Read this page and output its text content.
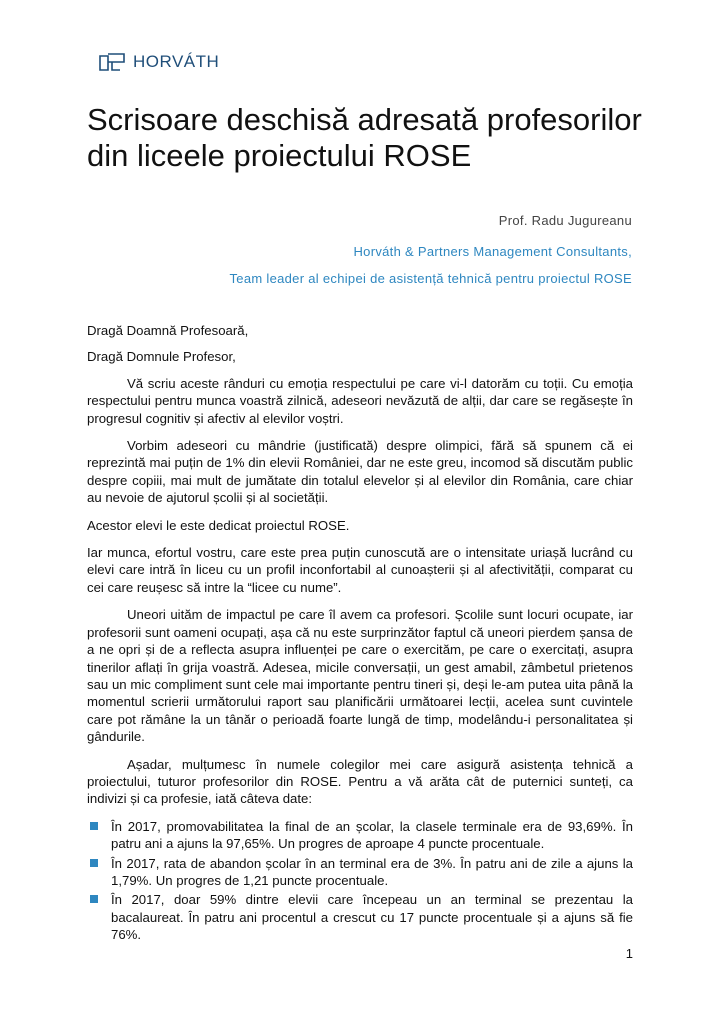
HORVÁTH
Scrisoare deschisă adresată profesorilor din liceele proiectului ROSE
Prof. Radu Jugureanu
Horváth & Partners Management Consultants,
Team leader al echipei de asistență tehnică pentru proiectul ROSE

Dragă Doamnă Profesoară,

Dragă Domnule Profesor,

Vă scriu aceste rânduri cu emoția respectului pe care vi-l datorăm cu toții. Cu emoția respectului pentru munca voastră zilnică, adeseori nevăzută de alții, dar care se regăsește în progresul cognitiv și afectiv al elevilor voștri.

Vorbim adeseori cu mândrie (justificată) despre olimpici, fără să spunem că ei reprezintă mai puțin de 1% din elevii României, dar ne este greu, incomod să discutăm public despre copiii, mai mult de jumătate din totalul elevelor și al elevilor din România, care chiar au nevoie de ajutorul școlii și al societății.

Acestor elevi le este dedicat proiectul ROSE.

Iar munca, efortul vostru, care este prea puțin cunoscută are o intensitate uriașă lucrând cu elevi care intră în liceu cu un profil inconfortabil al cunoașterii și al afectivității, comparat cu cei care reușesc să intre la “licee cu nume”.

Uneori uităm de impactul pe care îl avem ca profesori. Școlile sunt locuri ocupate, iar profesorii sunt oameni ocupați, așa că nu este surprinzător faptul că uneori pierdem șansa de a ne opri și de a reflecta asupra influenței pe care o exercităm, pe care o exercitați, asupra tinerilor aflați în grija voastră. Adesea, micile conversații, un gest amabil, zâmbetul prietenos sau un mic compliment sunt cele mai importante pentru tineri și, deși le-am putea uita până la momentul scrierii următorului raport sau planificării următoarei lecții, acelea sunt cuvintele care pot rămâne la un tânăr o perioadă foarte lungă de timp, modelându-i personalitatea și gândurile.

Așadar, mulțumesc în numele colegilor mei care asigură asistența tehnică a proiectului, tuturor profesorilor din ROSE. Pentru a vă arăta cât de puternici sunteți, ca indivizi și ca profesie, iată câteva date:

În 2017, promovabilitatea la final de an școlar, la clasele terminale era de 93,69%. În patru ani a ajuns la 97,65%. Un progres de aproape 4 puncte procentuale.
În 2017, rata de abandon școlar în an terminal era de 3%. În patru ani de zile a ajuns la 1,79%. Un progres de 1,21 puncte procentuale.
În 2017, doar 59% dintre elevii care începeau un an terminal se prezentau la bacalaureat. În patru ani procentul a crescut cu 17 puncte procentuale și a ajuns să fie 76%.
1
